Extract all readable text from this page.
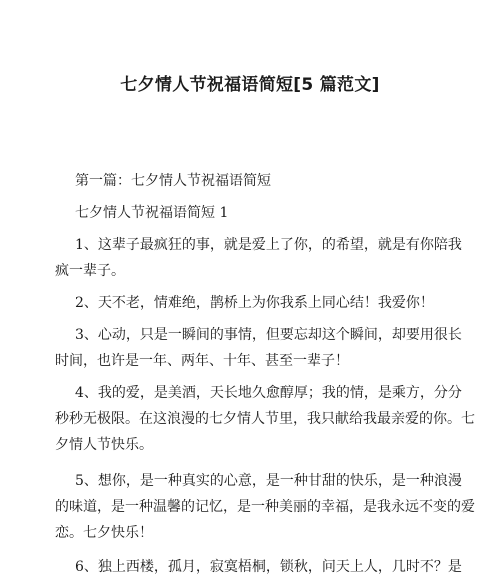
七夕情人节祝福语简短[5 篇范文]
第一篇：七夕情人节祝福语简短
七夕情人节祝福语简短 1
1、这辈子最疯狂的事，就是爱上了你，的希望，就是有你陪我
疯一辈子。
2、天不老，情难绝，鹊桥上为你我系上同心结！我爱你！
3、心动，只是一瞬间的事情，但要忘却这个瞬间，却要用很长
时间，也许是一年、两年、十年、甚至一辈子！
4、我的爱，是美酒，天长地久愈醇厚；我的情，是乘方，分分
秒秒无极限。在这浪漫的七夕情人节里，我只献给我最亲爱的你。七
夕情人节快乐。
5、想你，是一种真实的心意，是一种甘甜的快乐，是一种浪漫
的味道，是一种温馨的记忆，是一种美丽的幸福，是我永远不变的爱
恋。七夕快乐！
6、独上西楼，孤月，寂寞梧桐，锁秋，问天上人，几时不？是
